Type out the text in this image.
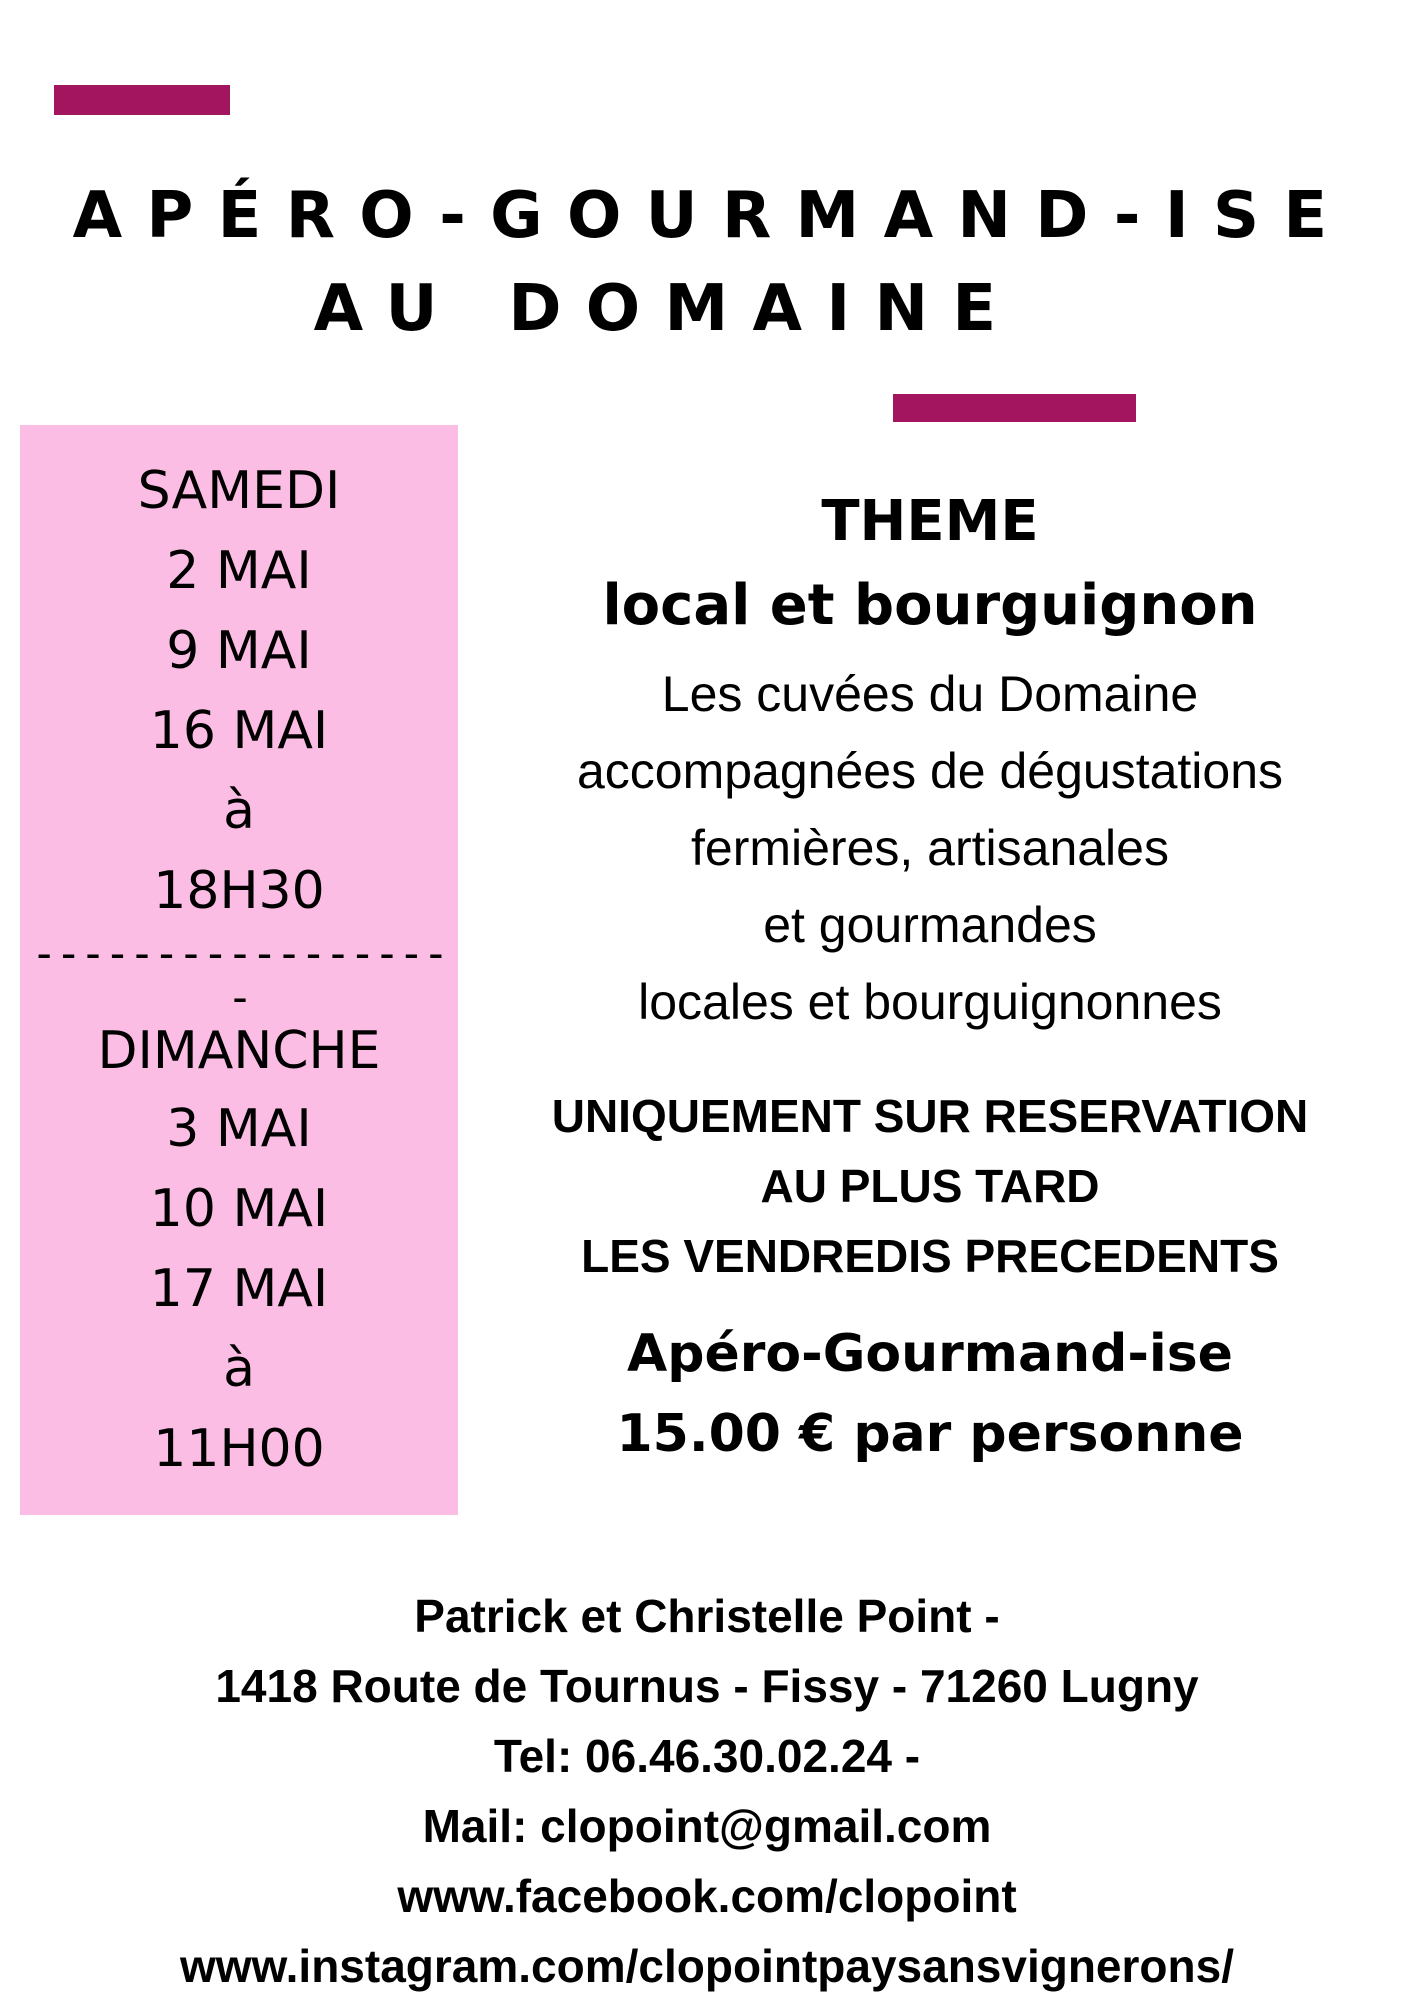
APÉRO-GOURMAND-ISE
AU DOMAINE
SAMEDI
2 MAI
9 MAI
16 MAI
à
18H30
------------------
DIMANCHE
3 MAI
10 MAI
17 MAI
à
11H00
THEME
local et bourguignon
Les cuvées du Domaine
accompagnées de dégustations
fermières, artisanales
et gourmandes
locales et bourguignonnes
UNIQUEMENT SUR RESERVATION
AU PLUS TARD
LES VENDREDIS PRECEDENTS
Apéro-Gourmand-ise
15.00 € par personne
Patrick et Christelle Point -
1418 Route de Tournus - Fissy - 71260 Lugny
Tel: 06.46.30.02.24 -
Mail: clopoint@gmail.com
www.facebook.com/clopoint
www.instagram.com/clopointpaysansvignerons/
